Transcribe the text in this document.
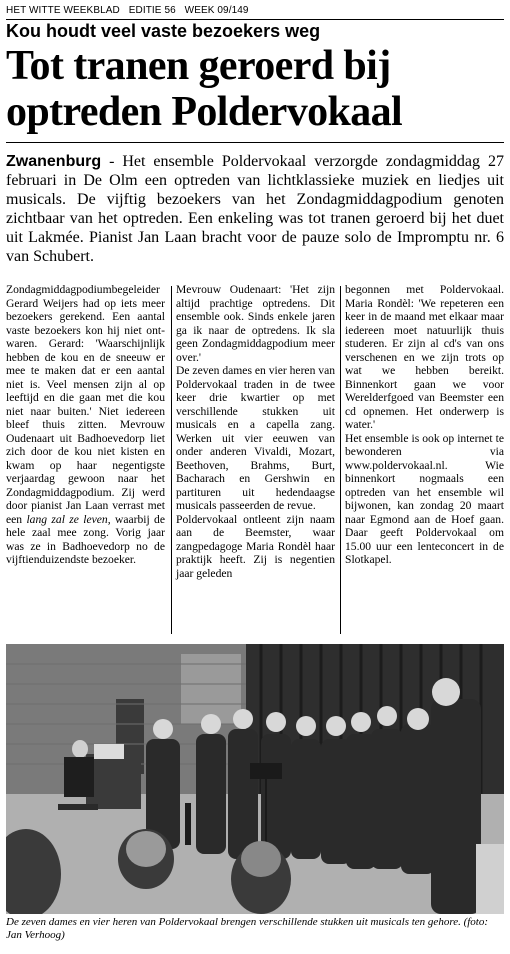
HET WITTE WEEKBLAD EDITIE 56 WEEK 09/149
Kou houdt veel vaste bezoekers weg
Tot tranen geroerd bij
optreden Poldervokaal
Zwanenburg - Het ensemble Poldervokaal verzorgde zondagmiddag 27 februari in De Olm een optreden van lichtklassieke muziek en liedjes uit musicals. De vijftig bezoekers van het Zondagmiddagpodium genoten zichtbaar van het optreden. Een enkeling was tot tranen geroerd bij het duet uit Lakmée. Pianist Jan Laan bracht voor de pauze solo de Impromptu nr. 6 van Schubert.

Zondagmiddagpodiumbegeleider Gerard Weijers had op iets meer bezoekers gerekend. Een aantal vaste bezoekers kon hij niet ontwaren. Gerard: 'Waarschijnlijk hebben de kou en de sneeuw er mee te maken dat er een aantal niet is. Veel mensen zijn al op leeftijd en die gaan met die kou niet naar buiten.' Niet iedereen bleef thuis zitten. Mevrouw Oudenaart uit Badhoevedorp liet zich door de kou niet kisten en kwam op haar negentigste verjaardag gewoon naar het Zondagmiddagpodium. Zij werd door pianist Jan Laan verrast met een lang zal ze leven, waarbij de hele zaal mee zong. Vorig jaar was ze in Badhoevedorp no de vijftienduizendste bezoeker.

Mevrouw Oudenaart: 'Het zijn altijd prachtige optredens. Dit ensemble ook. Sinds enkele jaren ga ik naar de optredens. Ik sla geen Zondagmiddagpodium meer over.'

De zeven dames en vier heren van Poldervokaal traden in de twee keer drie kwartier op met verschillende stukken uit musicals en a capella zang. Werken uit vier eeuwen van onder anderen Vivaldi, Mozart, Beethoven, Brahms, Burt, Bacharach en Gershwin en partituren uit hedendaagse musicals passeerden de revue.

Poldervokaal ontleent zijn naam aan de Beemster, waar zangpedagoge Maria Rondèl haar praktijk heeft. Zij is negentien jaar geleden

begonnen met Poldervokaal. Maria Rondèl: 'We repeteren een keer in de maand met elkaar maar iedereen moet natuurlijk thuis studeren. Er zijn al cd's van ons verschenen en we zijn trots op wat we hebben bereikt. Binnenkort gaan we voor Werelderfgoed van Beemster een cd opnemen. Het onderwerp is water.'

Het ensemble is ook op internet te bewonderen via www.poldervokaal.nl. Wie binnenkort nogmaals een optreden van het ensemble wil bijwonen, kan zondag 20 maart naar Egmond aan de Hoef gaan. Daar geeft Poldervokaal om 15.00 uur een lenteconcert in de Slotkapel.

De zeven dames en vier heren van Poldervokaal brengen verschillende stukken uit musicals ten gehore. (foto: Jan Verhoog)
